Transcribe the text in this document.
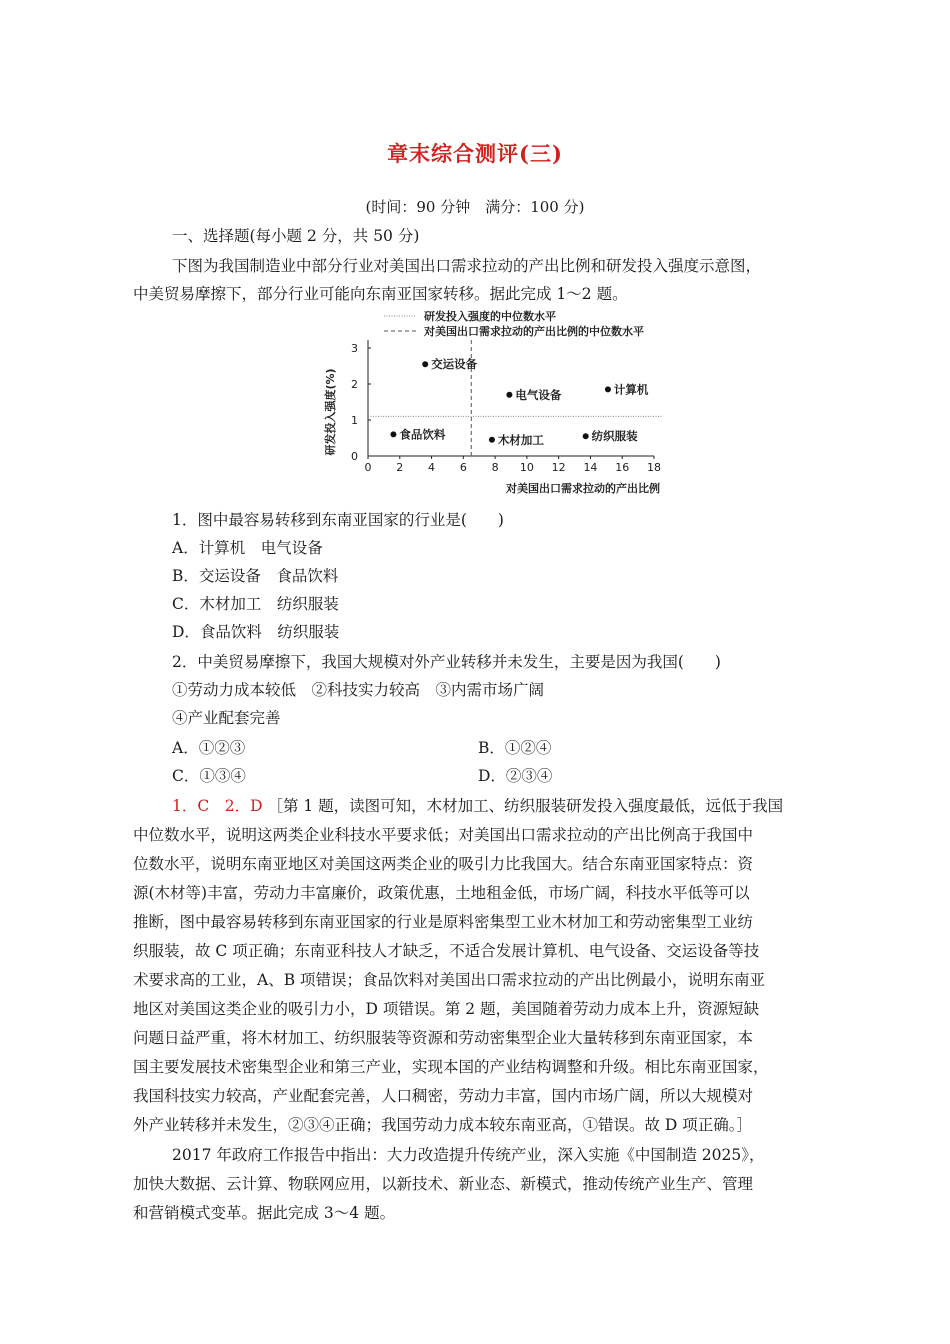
章末综合测评(三)
(时间：90 分钟　满分：100 分)
一、选择题(每小题 2 分，共 50 分)
下图为我国制造业中部分行业对美国出口需求拉动的产出比例和研发投入强度示意图，
中美贸易摩擦下，部分行业可能向东南亚国家转移。据此完成 1～2 题。
研发投入强度的中位数水平
对美国出口需求拉动的产出比例的中位数水平
研发投入强度(%)
对美国出口需求拉动的产出比例
0 2 4 6 8 10 12 14 16 18
0
1
2
3
交运设备
电气设备	计算机
食品饮料	木材加工	纺织服装
1．图中最容易转移到东南亚国家的行业是(　　)
A．计算机　电气设备
B．交运设备　食品饮料
C．木材加工　纺织服装
D．食品饮料　纺织服装
2．中美贸易摩擦下，我国大规模对外产业转移并未发生，主要是因为我国(　　)
①劳动力成本较低　②科技实力较高　③内需市场广阔
④产业配套完善
A．①②③	B．①②④
C．①③④	D．②③④
1．C　2．D ［第 1 题，读图可知，木材加工、纺织服装研发投入强度最低，远低于我国
中位数水平，说明这两类企业科技水平要求低；对美国出口需求拉动的产出比例高于我国中
位数水平，说明东南亚地区对美国这两类企业的吸引力比我国大。结合东南亚国家特点：资
源(木材等)丰富，劳动力丰富廉价，政策优惠，土地租金低，市场广阔，科技水平低等可以
推断，图中最容易转移到东南亚国家的行业是原料密集型工业木材加工和劳动密集型工业纺
织服装，故 C 项正确；东南亚科技人才缺乏，不适合发展计算机、电气设备、交运设备等技
术要求高的工业，A、B 项错误；食品饮料对美国出口需求拉动的产出比例最小，说明东南亚
地区对美国这类企业的吸引力小，D 项错误。第 2 题，美国随着劳动力成本上升，资源短缺
问题日益严重，将木材加工、纺织服装等资源和劳动密集型企业大量转移到东南亚国家，本
国主要发展技术密集型企业和第三产业，实现本国的产业结构调整和升级。相比东南亚国家，
我国科技实力较高，产业配套完善，人口稠密，劳动力丰富，国内市场广阔，所以大规模对
外产业转移并未发生，②③④正确；我国劳动力成本较东南亚高，①错误。故 D 项正确。］
2017 年政府工作报告中指出：大力改造提升传统产业，深入实施《中国制造 2025》，
加快大数据、云计算、物联网应用，以新技术、新业态、新模式，推动传统产业生产、管理
和营销模式变革。据此完成 3～4 题。
